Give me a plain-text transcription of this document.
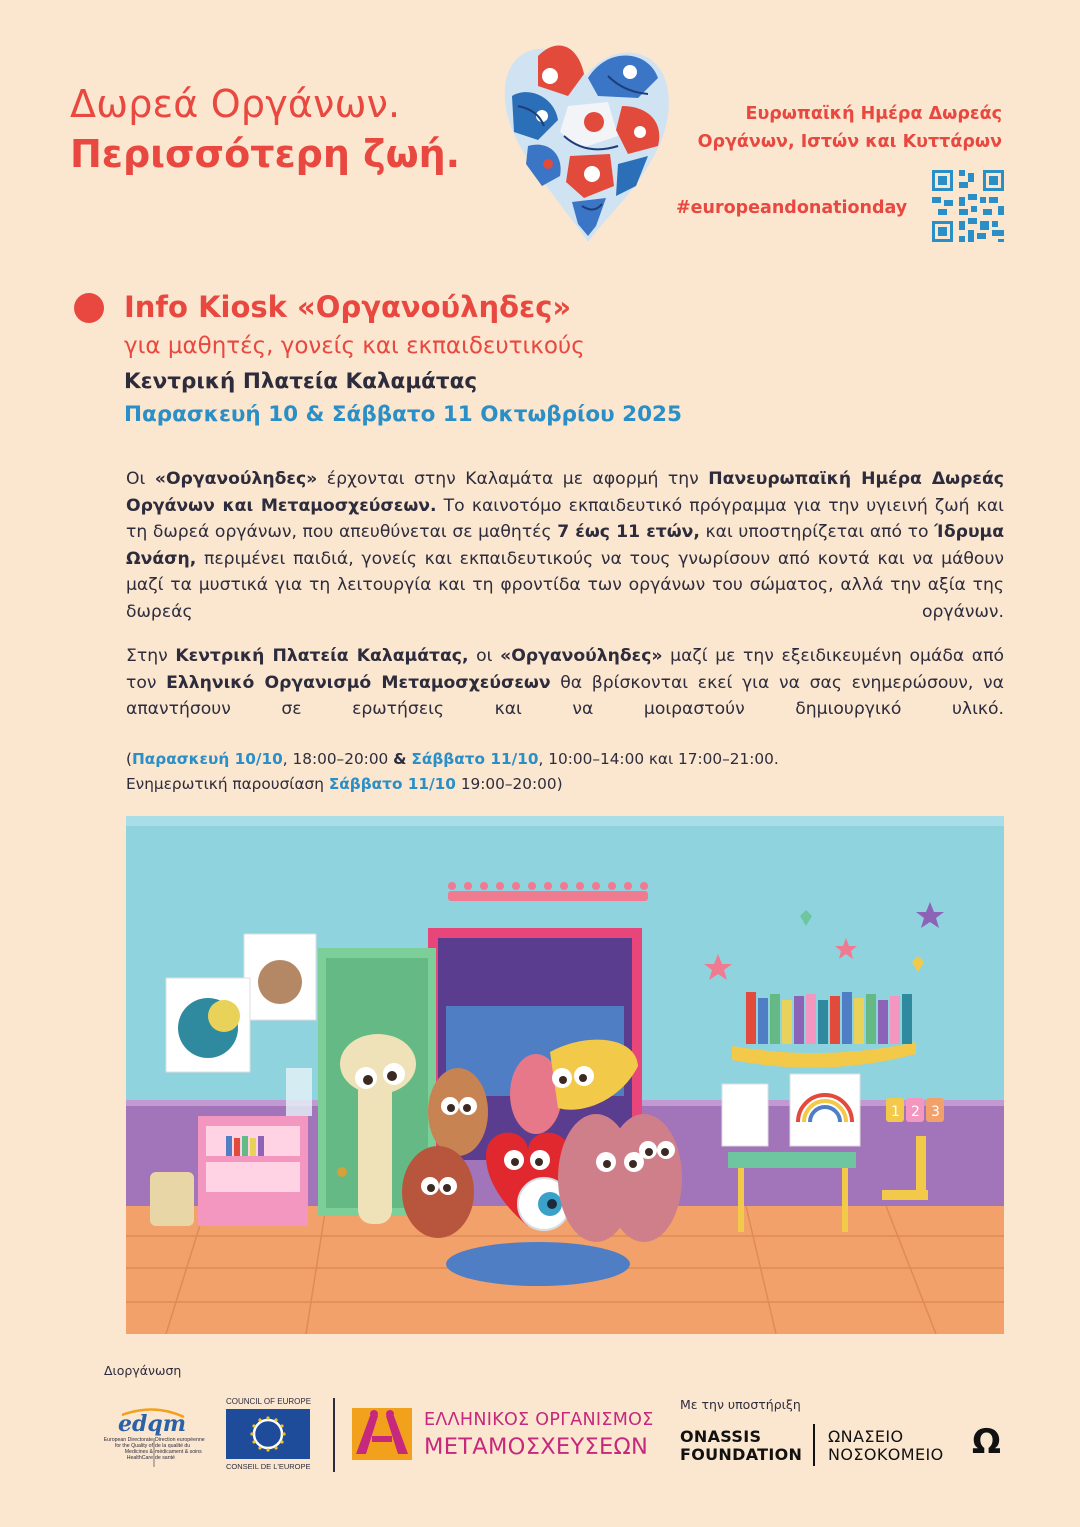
Δωρεά Οργάνων.
Περισσότερη ζωή.
Ευρωπαϊκή Ημέρα Δωρεάς
Οργάνων, Ιστών και Κυττάρων
#europeandonationday
Info Kiosk «Οργανούληδες»
για μαθητές, γονείς και εκπαιδευτικούς
Κεντρική Πλατεία Καλαμάτας
Παρασκευή 10 & Σάββατο 11 Οκτωβρίου 2025
Οι «Οργανούληδες» έρχονται στην Καλαμάτα με αφορμή την Πανευρωπαϊκή Ημέρα Δωρεάς Οργάνων και Μεταμοσχεύσεων. Το καινοτόμο εκπαιδευτικό πρόγραμμα για την υγιεινή ζωή και τη δωρεά οργάνων, που απευθύνεται σε μαθητές 7 έως 11 ετών, και υποστηρίζεται από το Ίδρυμα Ωνάση, περιμένει παιδιά, γονείς και εκπαιδευτικούς να τους γνωρίσουν από κοντά και να μάθουν μαζί τα μυστικά για τη λειτουργία και τη φροντίδα των οργάνων του σώματος, αλλά την αξία της δωρεάς οργάνων.
Στην Κεντρική Πλατεία Καλαμάτας, οι «Οργανούληδες» μαζί με την εξειδικευμένη ομάδα από τον Ελληνικό Οργανισμό Μεταμοσχεύσεων θα βρίσκονται εκεί για να σας ενημερώσουν, να απαντήσουν σε ερωτήσεις και να μοιραστούν δημιουργικό υλικό.
(Παρασκευή 10/10, 18:00–20:00 & Σάββατο 11/10, 10:00–14:00 και 17:00–21:00.
Ενημερωτική παρουσίαση Σάββατο 11/10 19:00–20:00)
1 2 3
Διοργάνωση
edqm
European Directorate for the Quality of Medicines & HealthCare
Direction européenne de la qualité du médicament & soins de santé
COUNCIL OF EUROPE
CONSEIL DE L'EUROPE
ΕΛΛΗΝΙΚΟΣ ΟΡΓΑΝΙΣΜΟΣ
ΜΕΤΑΜΟΣΧΕΥΣΕΩΝ
Με την υποστήριξη
ONASSIS
FOUNDATION
ΩΝΑΣΕΙΟ
ΝΟΣΟΚΟΜΕΙΟ Ω
